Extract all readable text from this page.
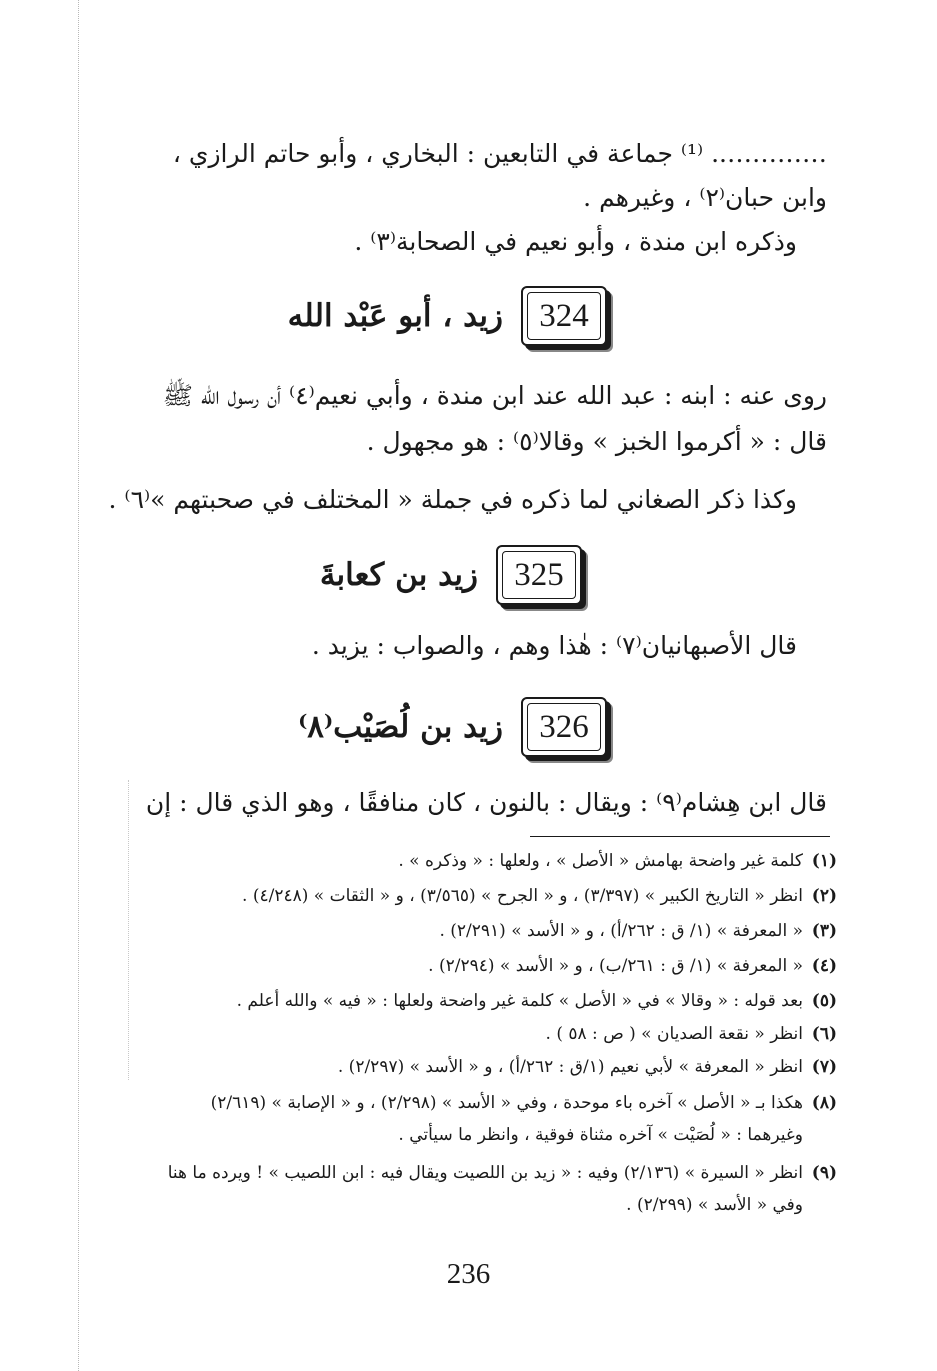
………….. ⁽¹⁾ جماعة في التابعين : البخاري ، وأبو حاتم الرازي ،
وابن حبان⁽٢⁾ ، وغيرهم .
وذكره ابن مندة ، وأبو نعيم في الصحابة⁽٣⁾ .
324
زيد ، أبو عَبْد الله
روى عنه : ابنه : عبد الله عند ابن مندة ، وأبي نعيم⁽٤⁾ أن رسول الله ﷺ
قال : « أكرموا الخبز » وقالا⁽٥⁾ : هو مجهول .
وكذا ذكر الصغاني لما ذكره في جملة « المختلف في صحبتهم »⁽٦⁾ .
325
زيد بن كعابةَ
قال الأصبهانيان⁽٧⁾ : هٰذا وهم ، والصواب : يزيد .
326
زيد بن لُصَيْب⁽٨⁾
قال ابن هِشام⁽٩⁾ : ويقال : بالنون ، كان منافقًا ، وهو الذي قال : إن
(١)كلمة غير واضحة بهامش « الأصل » ، ولعلها : « وذكره » .
(٢)انظر « التاريخ الكبير » (٣/٣٩٧) ، و « الجرح » (٣/٥٦٥) ، و « الثقات » (٤/٢٤٨) .
(٣)« المعرفة » (١/ ق : ٢٦٢/أ) ، و « الأسد » (٢/٢٩١) .
(٤)« المعرفة » (١/ ق : ٢٦١/ب) ، و « الأسد » (٢/٢٩٤) .
(٥)بعد قوله : « وقالا » في « الأصل » كلمة غير واضحة ولعلها : « فيه » والله أعلم .
(٦)انظر « نقعة الصديان » ( ص : ٥٨ ) .
(٧)انظر « المعرفة » لأبي نعيم (١/ق : ٢٦٢/أ) ، و « الأسد » (٢/٢٩٧) .
(٨)هكذا بـ « الأصل » آخره باء موحدة ، وفي « الأسد » (٢/٢٩٨) ، و « الإصابة » (٢/٦١٩)
وغيرهما : « لُصَيْت » آخره مثناة فوقية ، وانظر ما سيأتي .
(٩)انظر « السيرة » (٢/١٣٦) وفيه : « زيد بن اللصيت ويقال فيه : ابن اللصيب » ! ويرده ما هنا
وفي « الأسد » (٢/٢٩٩) .
236
